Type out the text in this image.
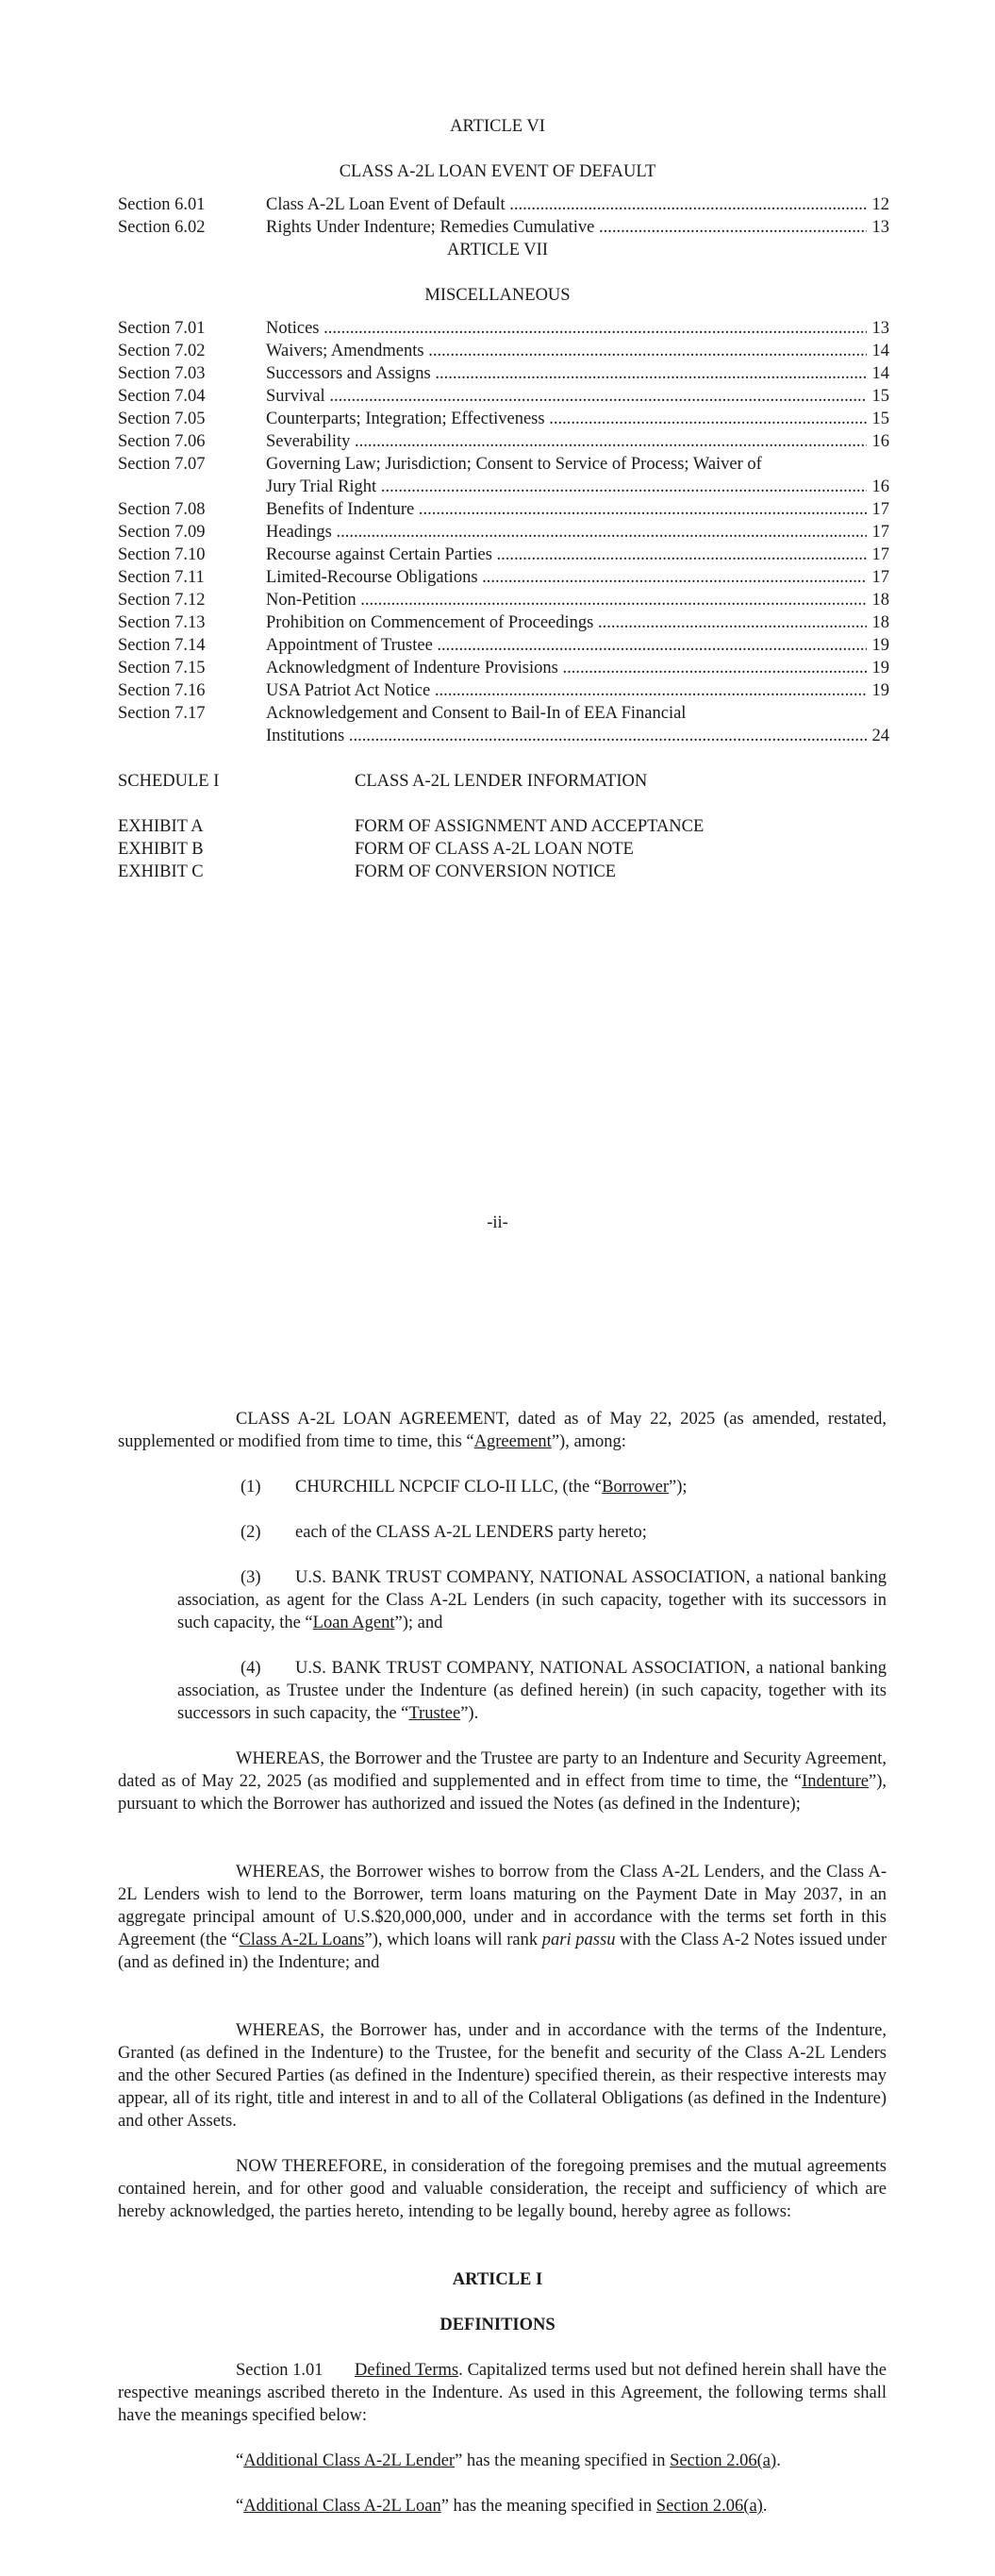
ARTICLE VI
CLASS A-2L LOAN EVENT OF DEFAULT
Section 6.01	Class A-2L Loan Event of Default .....	12
Section 6.02	Rights Under Indenture; Remedies Cumulative .....	13
ARTICLE VII
MISCELLANEOUS
Section 7.01	Notices .....	13
Section 7.02	Waivers; Amendments .....	14
Section 7.03	Successors and Assigns .....	14
Section 7.04	Survival .....	15
Section 7.05	Counterparts; Integration; Effectiveness .....	15
Section 7.06	Severability .....	16
Section 7.07	Governing Law; Jurisdiction; Consent to Service of Process; Waiver of
Jury Trial Right .....	16
Section 7.08	Benefits of Indenture .....	17
Section 7.09	Headings .....	17
Section 7.10	Recourse against Certain Parties .....	17
Section 7.11	Limited-Recourse Obligations .....	17
Section 7.12	Non-Petition .....	18
Section 7.13	Prohibition on Commencement of Proceedings .....	18
Section 7.14	Appointment of Trustee .....	19
Section 7.15	Acknowledgment of Indenture Provisions .....	19
Section 7.16	USA Patriot Act Notice .....	19
Section 7.17	Acknowledgement and Consent to Bail-In of EEA Financial
Institutions .....	24
SCHEDULE I	CLASS A-2L LENDER INFORMATION
EXHIBIT A	FORM OF ASSIGNMENT AND ACCEPTANCE
EXHIBIT B	FORM OF CLASS A-2L LOAN NOTE
EXHIBIT C	FORM OF CONVERSION NOTICE
-ii-
CLASS A-2L LOAN AGREEMENT, dated as of May 22, 2025 (as amended, restated, supplemented or modified from time to time, this “Agreement”), among:
(1) CHURCHILL NCPCIF CLO-II LLC, (the “Borrower”);
(2) each of the CLASS A-2L LENDERS party hereto;
(3) U.S. BANK TRUST COMPANY, NATIONAL ASSOCIATION, a national banking association, as agent for the Class A-2L Lenders (in such capacity, together with its successors in such capacity, the “Loan Agent”); and
(4) U.S. BANK TRUST COMPANY, NATIONAL ASSOCIATION, a national banking association, as Trustee under the Indenture (as defined herein) (in such capacity, together with its successors in such capacity, the “Trustee”).
WHEREAS, the Borrower and the Trustee are party to an Indenture and Security Agreement, dated as of May 22, 2025 (as modified and supplemented and in effect from time to time, the “Indenture”), pursuant to which the Borrower has authorized and issued the Notes (as defined in the Indenture);
WHEREAS, the Borrower wishes to borrow from the Class A-2L Lenders, and the Class A-2L Lenders wish to lend to the Borrower, term loans maturing on the Payment Date in May 2037, in an aggregate principal amount of U.S.$20,000,000, under and in accordance with the terms set forth in this Agreement (the “Class A-2L Loans”), which loans will rank pari passu with the Class A-2 Notes issued under (and as defined in) the Indenture; and
WHEREAS, the Borrower has, under and in accordance with the terms of the Indenture, Granted (as defined in the Indenture) to the Trustee, for the benefit and security of the Class A-2L Lenders and the other Secured Parties (as defined in the Indenture) specified therein, as their respective interests may appear, all of its right, title and interest in and to all of the Collateral Obligations (as defined in the Indenture) and other Assets.
NOW THEREFORE, in consideration of the foregoing premises and the mutual agreements contained herein, and for other good and valuable consideration, the receipt and sufficiency of which are hereby acknowledged, the parties hereto, intending to be legally bound, hereby agree as follows:
ARTICLE I
DEFINITIONS
Section 1.01 Defined Terms. Capitalized terms used but not defined herein shall have the respective meanings ascribed thereto in the Indenture. As used in this Agreement, the following terms shall have the meanings specified below:
“Additional Class A-2L Lender” has the meaning specified in Section 2.06(a).
“Additional Class A-2L Loan” has the meaning specified in Section 2.06(a).
